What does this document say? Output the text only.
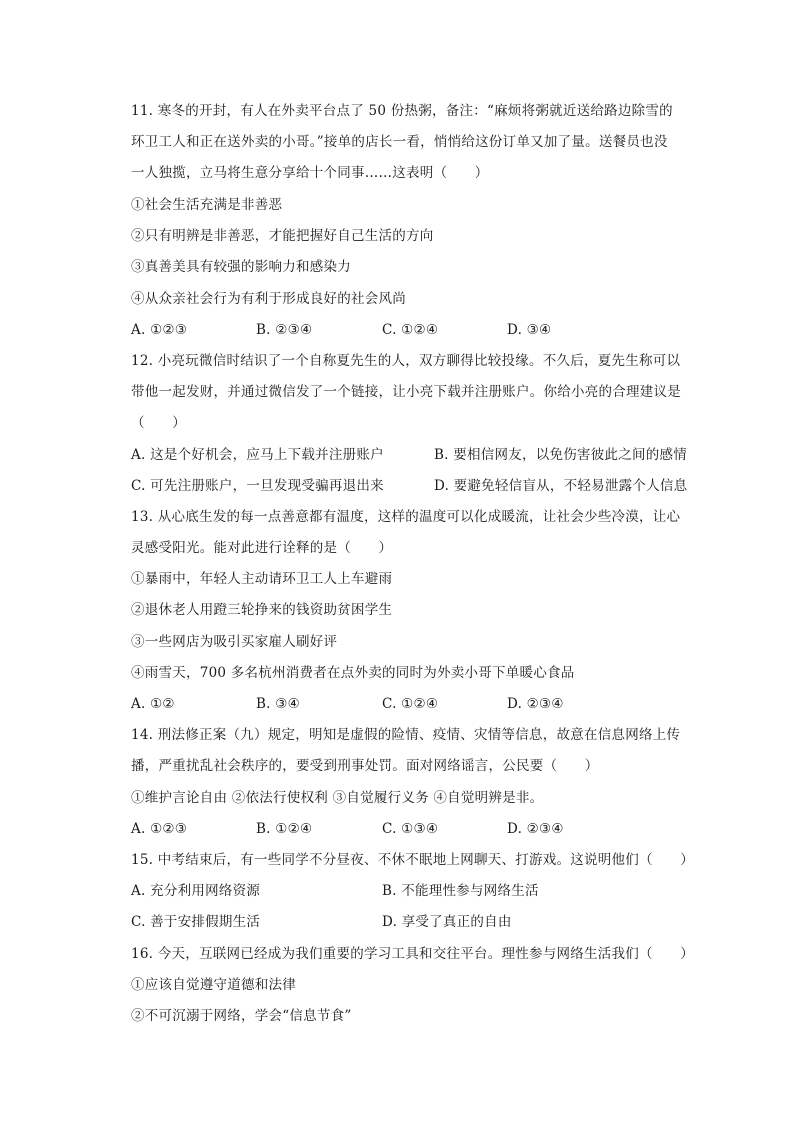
11. 寒冬的开封，有人在外卖平台点了 50 份热粥，备注：“麻烦将粥就近送给路边除雪的
环卫工人和正在送外卖的小哥。”接单的店长一看，悄悄给这份订单又加了量。送餐员也没
一人独揽，立马将生意分享给十个同事……这表明（　　）
①社会生活充满是非善恶
②只有明辨是非善恶，才能把握好自己生活的方向
③真善美具有较强的影响力和感染力
④从众亲社会行为有利于形成良好的社会风尚
A. ①②③	B. ②③④	C. ①②④	D. ③④
12. 小亮玩微信时结识了一个自称夏先生的人，双方聊得比较投缘。不久后，夏先生称可以
带他一起发财，并通过微信发了一个链接，让小亮下载并注册账户。你给小亮的合理建议是
（　　）
A. 这是个好机会，应马上下载并注册账户	B. 要相信网友，以免伤害彼此之间的感情
C. 可先注册账户，一旦发现受骗再退出来	D. 要避免轻信盲从，不轻易泄露个人信息
13. 从心底生发的每一点善意都有温度，这样的温度可以化成暖流，让社会少些冷漠，让心
灵感受阳光。能对此进行诠释的是（　　）
①暴雨中，年轻人主动请环卫工人上车避雨
②退休老人用蹬三轮挣来的钱资助贫困学生
③一些网店为吸引买家雇人刷好评
④雨雪天，700 多名杭州消费者在点外卖的同时为外卖小哥下单暖心食品
A. ①②	B. ③④	C. ①②④	D. ②③④
14. 刑法修正案（九）规定，明知是虚假的险情、疫情、灾情等信息，故意在信息网络上传
播，严重扰乱社会秩序的，要受到刑事处罚。面对网络谣言，公民要（　　）
①维护言论自由 ②依法行使权利 ③自觉履行义务 ④自觉明辨是非。
A. ①②③	B. ①②④	C. ①③④	D. ②③④
15. 中考结束后，有一些同学不分昼夜、不休不眠地上网聊天、打游戏。这说明他们（　　）
A. 充分利用网络资源	B. 不能理性参与网络生活
C. 善于安排假期生活	D. 享受了真正的自由
16. 今天，互联网已经成为我们重要的学习工具和交往平台。理性参与网络生活我们（　　）
①应该自觉遵守道德和法律
②不可沉溺于网络，学会“信息节食”
